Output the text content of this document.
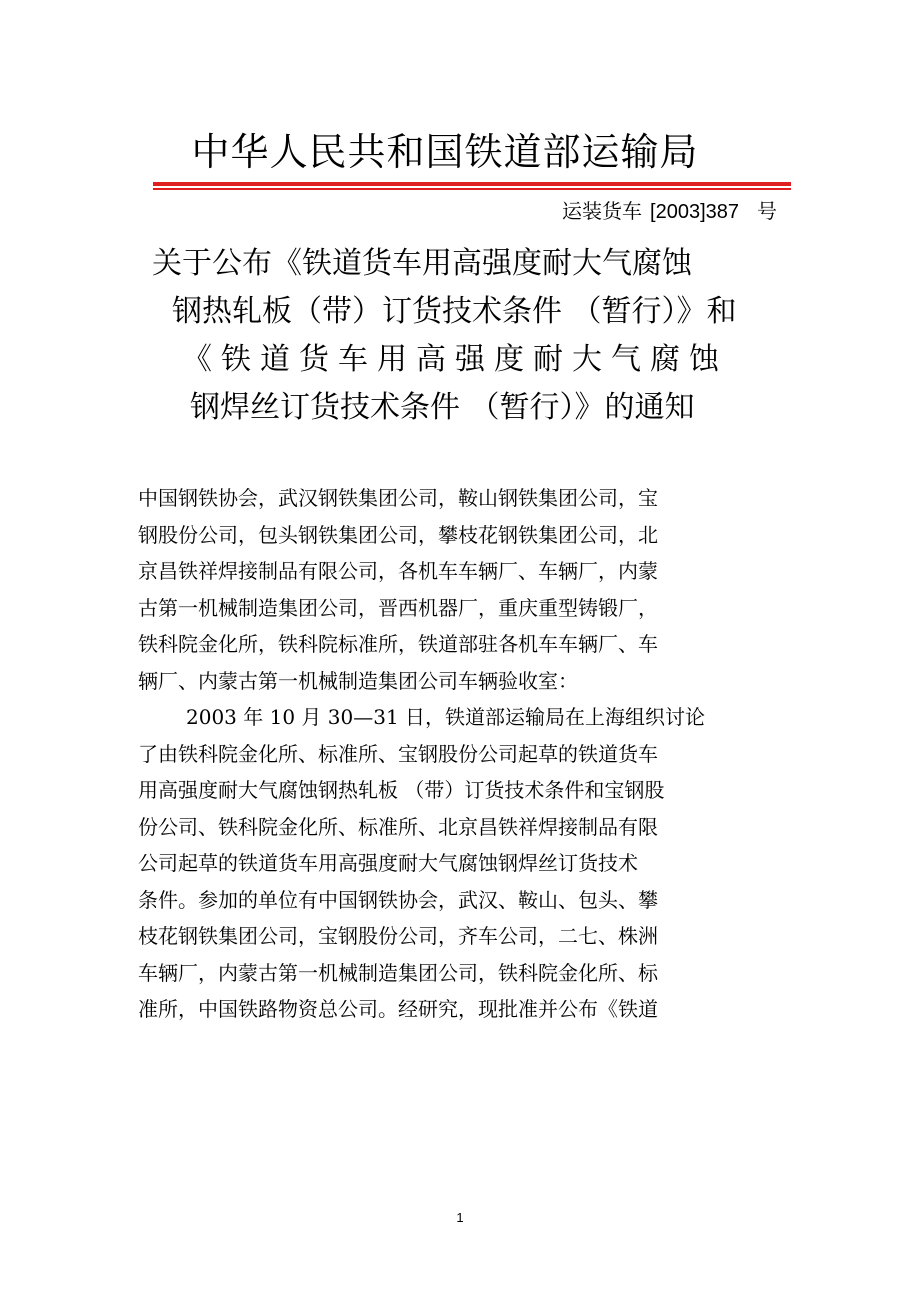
中华人民共和国铁道部运输局
运装货车 [2003]387 号
关于公布《铁道货车用高强度耐大气腐蚀
钢热轧板（带）订货技术条件 （暂行）》和
《铁道货车用高强度耐大气腐蚀
钢焊丝订货技术条件 （暂行）》的通知
中国钢铁协会，武汉钢铁集团公司，鞍山钢铁集团公司，宝
钢股份公司，包头钢铁集团公司，攀枝花钢铁集团公司，北
京昌铁祥焊接制品有限公司，各机车车辆厂、车辆厂，内蒙
古第一机械制造集团公司，晋西机器厂，重庆重型铸锻厂，
铁科院金化所，铁科院标准所，铁道部驻各机车车辆厂、车
辆厂、内蒙古第一机械制造集团公司车辆验收室：
2003 年 10 月 30—31 日，铁道部运输局在上海组织讨论
了由铁科院金化所、标准所、宝钢股份公司起草的铁道货车
用高强度耐大气腐蚀钢热轧板 （带）订货技术条件和宝钢股
份公司、铁科院金化所、标准所、北京昌铁祥焊接制品有限
公司起草的铁道货车用高强度耐大气腐蚀钢焊丝订货技术
条件。参加的单位有中国钢铁协会，武汉、鞍山、包头、攀
枝花钢铁集团公司，宝钢股份公司，齐车公司，二七、株洲
车辆厂，内蒙古第一机械制造集团公司，铁科院金化所、标
准所，中国铁路物资总公司。经研究，现批准并公布《铁道
1
